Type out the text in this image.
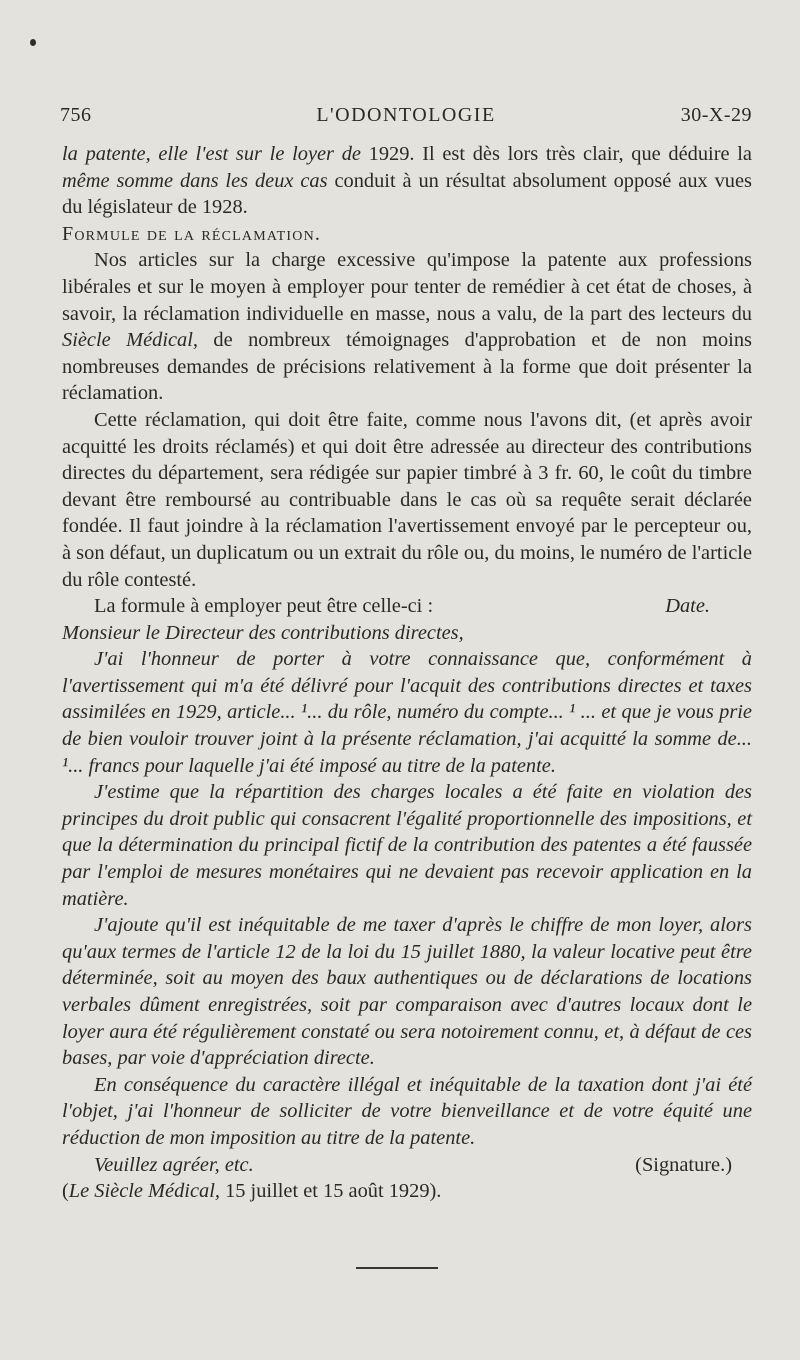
756	L'ODONTOLOGIE	30-X-29

la patente, elle l'est sur le loyer de 1929. Il est dès lors très clair, que déduire la même somme dans les deux cas conduit à un résultat absolument opposé aux vues du législateur de 1928.

Formule de la réclamation.

Nos articles sur la charge excessive qu'impose la patente aux professions libérales et sur le moyen à employer pour tenter de remédier à cet état de choses, à savoir, la réclamation individuelle en masse, nous a valu, de la part des lecteurs du Siècle Médical, de nombreux témoignages d'approbation et de non moins nombreuses demandes de précisions relativement à la forme que doit présenter la réclamation.

Cette réclamation, qui doit être faite, comme nous l'avons dit, (et après avoir acquitté les droits réclamés) et qui doit être adressée au directeur des contributions directes du département, sera rédigée sur papier timbré à 3 fr. 60, le coût du timbre devant être remboursé au contribuable dans le cas où sa requête serait déclarée fondée. Il faut joindre à la réclamation l'avertissement envoyé par le percepteur ou, à son défaut, un duplicatum ou un extrait du rôle ou, du moins, le numéro de l'article du rôle contesté.

La formule à employer peut être celle-ci :	Date.

Monsieur le Directeur des contributions directes,

J'ai l'honneur de porter à votre connaissance que, conformément à l'avertissement qui m'a été délivré pour l'acquit des contributions directes et taxes assimilées en 1929, article... ¹... du rôle, numéro du compte... ¹ ... et que je vous prie de bien vouloir trouver joint à la présente réclamation, j'ai acquitté la somme de... ¹... francs pour laquelle j'ai été imposé au titre de la patente.

J'estime que la répartition des charges locales a été faite en violation des principes du droit public qui consacrent l'égalité proportionnelle des impositions, et que la détermination du principal fictif de la contribution des patentes a été faussée par l'emploi de mesures monétaires qui ne devaient pas recevoir application en la matière.

J'ajoute qu'il est inéquitable de me taxer d'après le chiffre de mon loyer, alors qu'aux termes de l'article 12 de la loi du 15 juillet 1880, la valeur locative peut être déterminée, soit au moyen des baux authentiques ou de déclarations de locations verbales dûment enregistrées, soit par comparaison avec d'autres locaux dont le loyer aura été régulièrement constaté ou sera notoirement connu, et, à défaut de ces bases, par voie d'appréciation directe.

En conséquence du caractère illégal et inéquitable de la taxation dont j'ai été l'objet, j'ai l'honneur de solliciter de votre bienveillance et de votre équité une réduction de mon imposition au titre de la patente.

Veuillez agréer, etc.	(Signature.)

(Le Siècle Médical, 15 juillet et 15 août 1929).
